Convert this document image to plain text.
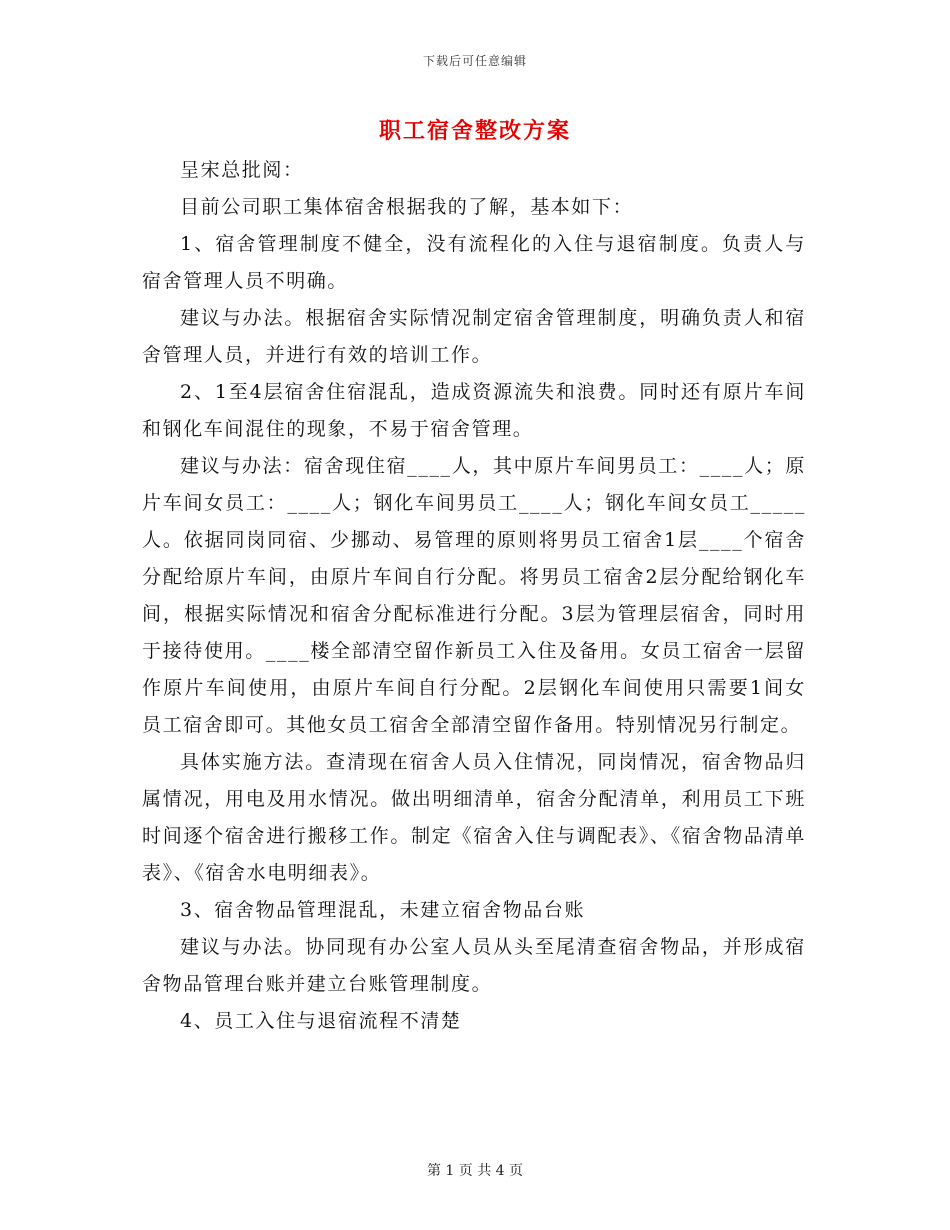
下载后可任意编辑
职工宿舍整改方案

呈宋总批阅：

目前公司职工集体宿舍根据我的了解，基本如下：

1、宿舍管理制度不健全，没有流程化的入住与退宿制度。负责人与宿舍管理人员不明确。

建议与办法。根据宿舍实际情况制定宿舍管理制度，明确负责人和宿舍管理人员，并进行有效的培训工作。

2、1至4层宿舍住宿混乱，造成资源流失和浪费。同时还有原片车间和钢化车间混住的现象，不易于宿舍管理。

建议与办法：宿舍现住宿____人，其中原片车间男员工：____人；原片车间女员工：____人；钢化车间男员工____人；钢化车间女员工_____人。依据同岗同宿、少挪动、易管理的原则将男员工宿舍1层____个宿舍分配给原片车间，由原片车间自行分配。将男员工宿舍2层分配给钢化车间，根据实际情况和宿舍分配标准进行分配。3层为管理层宿舍，同时用于接待使用。____楼全部清空留作新员工入住及备用。女员工宿舍一层留作原片车间使用，由原片车间自行分配。2层钢化车间使用只需要1间女员工宿舍即可。其他女员工宿舍全部清空留作备用。特别情况另行制定。

具体实施方法。查清现在宿舍人员入住情况，同岗情况，宿舍物品归属情况，用电及用水情况。做出明细清单，宿舍分配清单，利用员工下班时间逐个宿舍进行搬移工作。制定《宿舍入住与调配表》、《宿舍物品清单表》、《宿舍水电明细表》。

3、宿舍物品管理混乱，未建立宿舍物品台账

建议与办法。协同现有办公室人员从头至尾清查宿舍物品，并形成宿舍物品管理台账并建立台账管理制度。

4、员工入住与退宿流程不清楚

第 1 页 共 4 页
